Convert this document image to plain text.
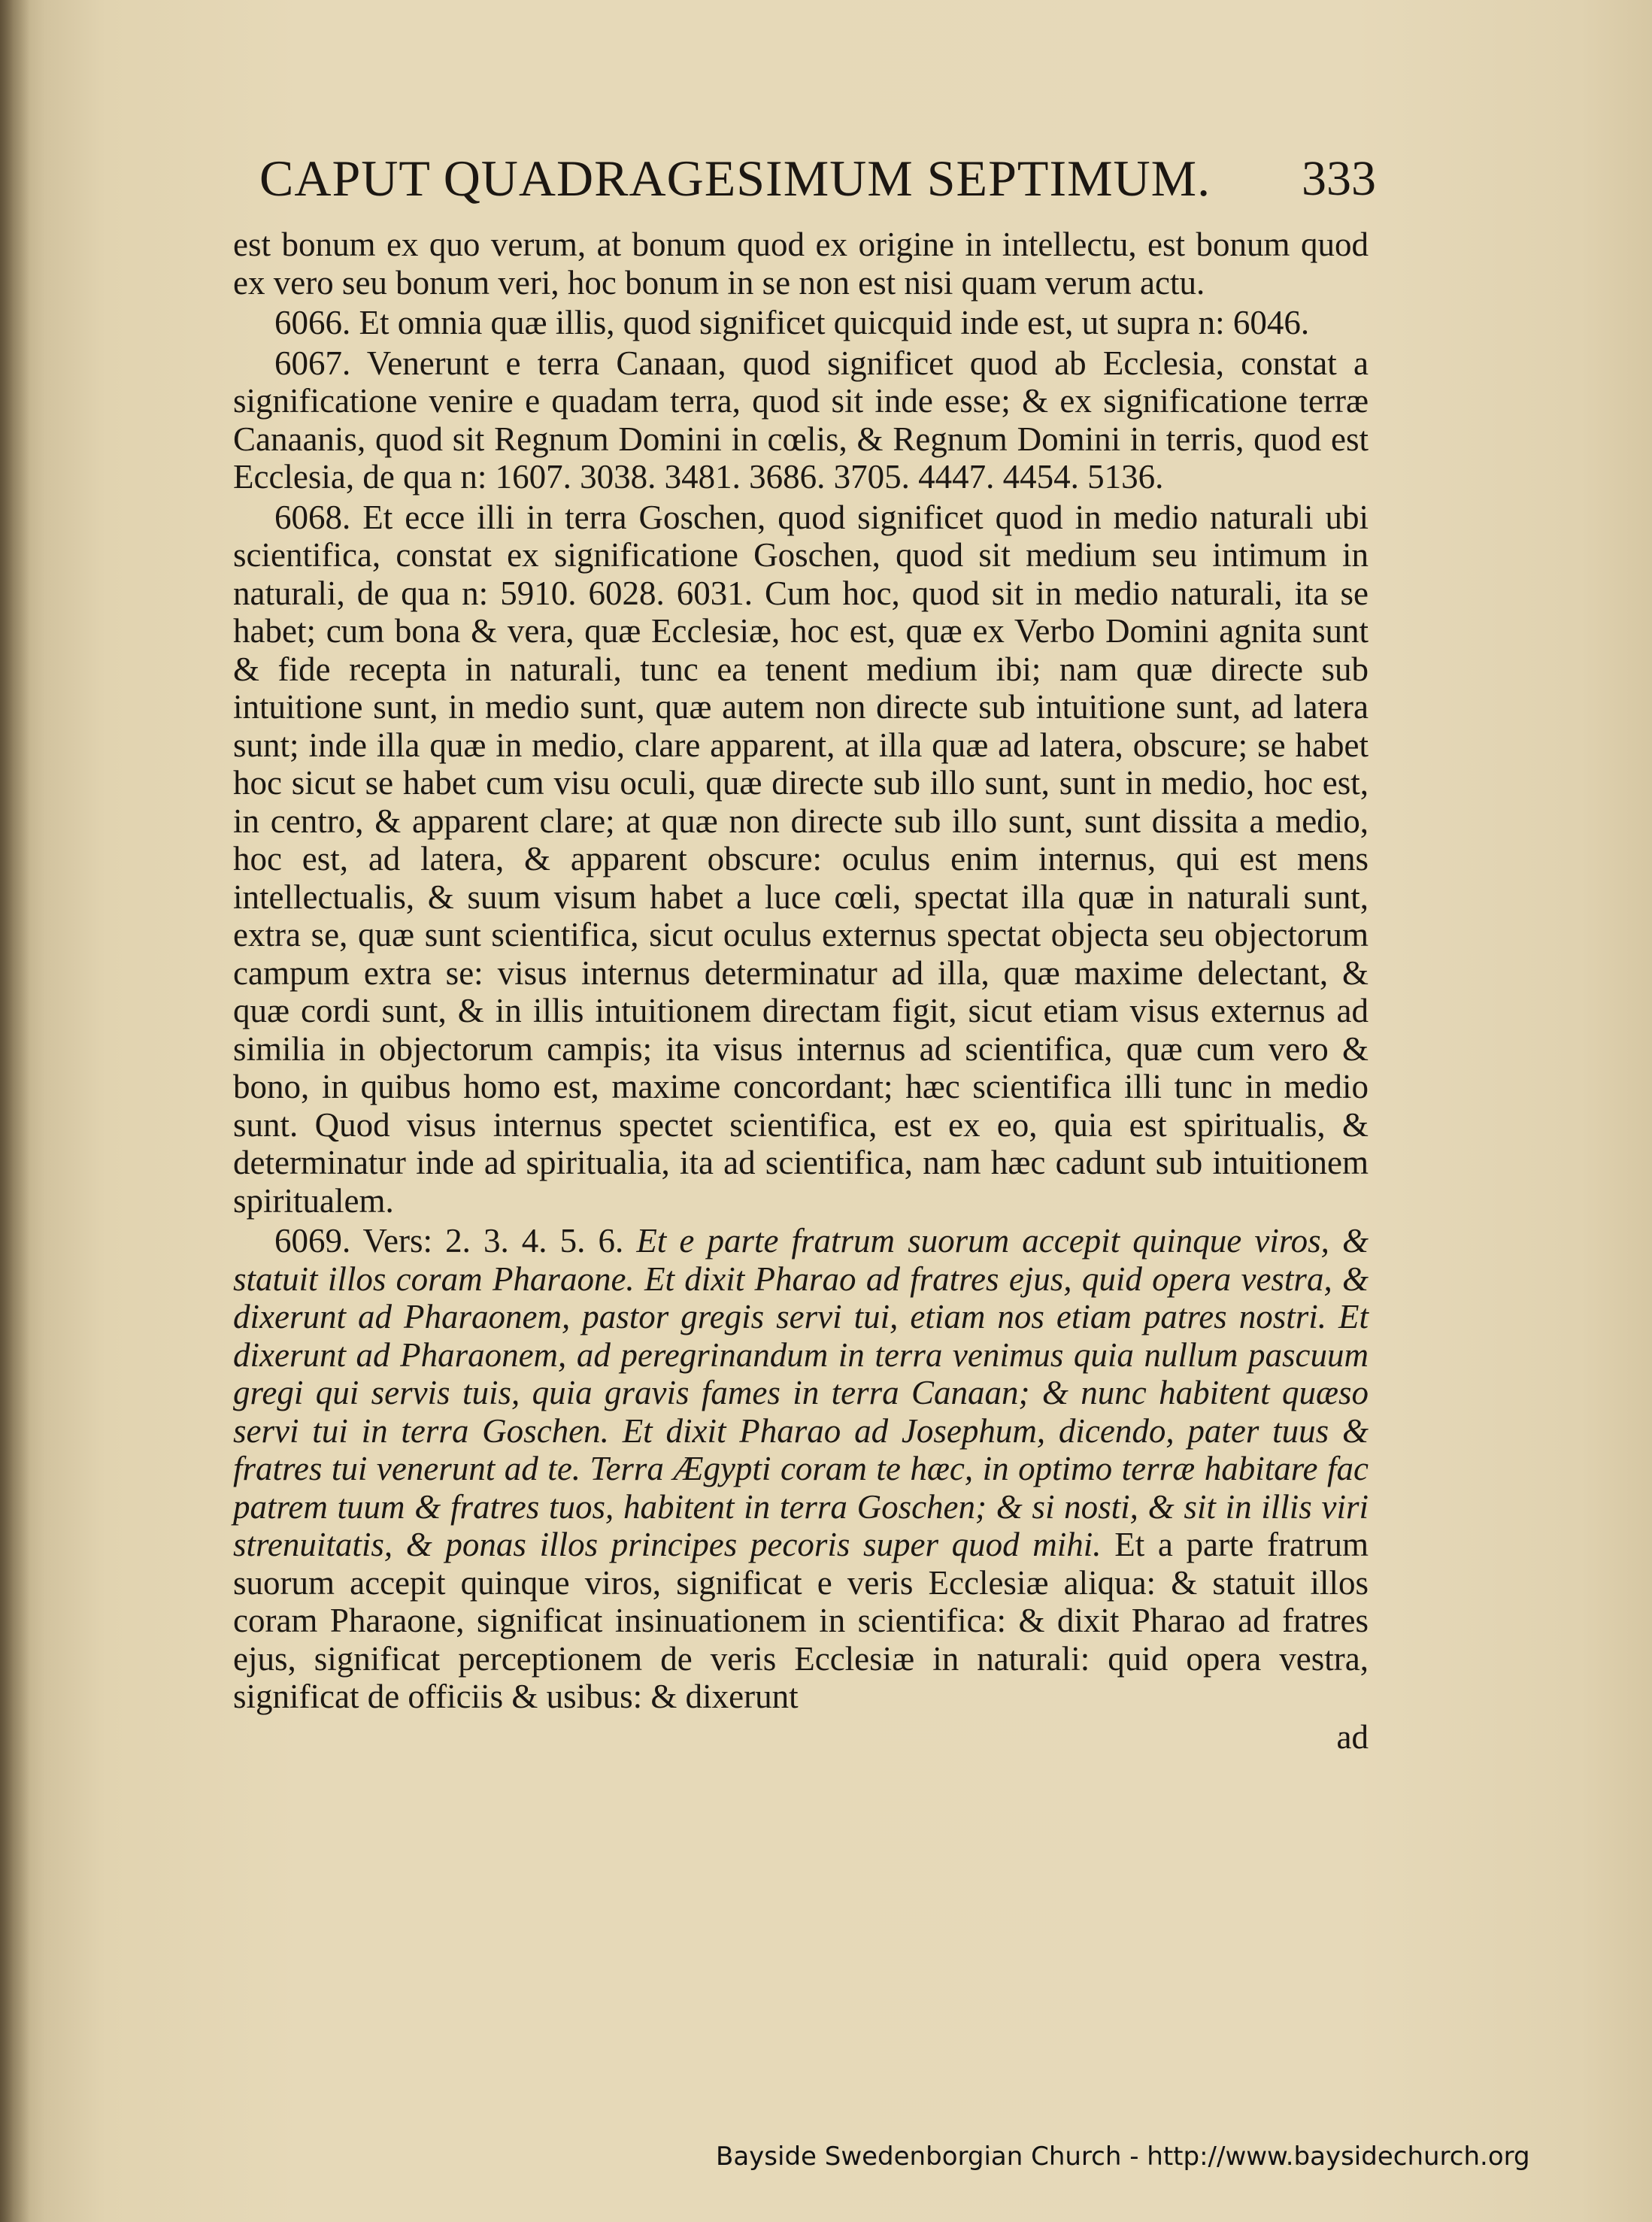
CAPUT QUADRAGESIMUM SEPTIMUM. 333

est bonum ex quo verum, at bonum quod ex origine in intellectu, est bonum quod ex vero seu bonum veri, hoc bonum in se non est nisi quam verum actu.

6066. Et omnia quæ illis, quod significet quicquid inde est, ut supra n: 6046.

6067. Venerunt e terra Canaan, quod significet quod ab Ecclesia, constat a significatione venire e quadam terra, quod sit inde esse; & ex significatione terræ Canaanis, quod sit Regnum Domini in cœlis, & Regnum Domini in terris, quod est Ecclesia, de qua n: 1607. 3038. 3481. 3686. 3705. 4447. 4454. 5136.

6068. Et ecce illi in terra Goschen, quod significet quod in medio naturali ubi scientifica, constat ex significatione Goschen, quod sit medium seu intimum in naturali, de qua n: 5910. 6028. 6031. Cum hoc, quod sit in medio naturali, ita se habet; cum bona & vera, quæ Ecclesiæ, hoc est, quæ ex Verbo Domini agnita sunt & fide recepta in naturali, tunc ea tenent medium ibi; nam quæ directe sub intuitione sunt, in medio sunt, quæ autem non directe sub intuitione sunt, ad latera sunt; inde illa quæ in medio, clare apparent, at illa quæ ad latera, obscure; se habet hoc sicut se habet cum visu oculi, quæ directe sub illo sunt, sunt in medio, hoc est, in centro, & apparent clare; at quæ non directe sub illo sunt, sunt dissita a medio, hoc est, ad latera, & apparent obscure: oculus enim internus, qui est mens intellectualis, & suum visum habet a luce cœli, spectat illa quæ in naturali sunt, extra se, quæ sunt scientifica, sicut oculus externus spectat objecta seu objectorum campum extra se: visus internus determinatur ad illa, quæ maxime delectant, & quæ cordi sunt, & in illis intuitionem directam figit, sicut etiam visus externus ad similia in objectorum campis; ita visus internus ad scientifica, quæ cum vero & bono, in quibus homo est, maxime concordant; hæc scientifica illi tunc in medio sunt. Quod visus internus spectet scientifica, est ex eo, quia est spiritualis, & determinatur inde ad spiritualia, ita ad scientifica, nam hæc cadunt sub intuitionem spiritualem.

6069. Vers: 2. 3. 4. 5. 6. Et e parte fratrum suorum accepit quinque viros, & statuit illos coram Pharaone. Et dixit Pharao ad fratres ejus, quid opera vestra, & dixerunt ad Pharaonem, pastor gregis servi tui, etiam nos etiam patres nostri. Et dixerunt ad Pharaonem, ad peregrinandum in terra venimus quia nullum pascuum gregi qui servis tuis, quia gravis fames in terra Canaan; & nunc habitent quæso servi tui in terra Goschen. Et dixit Pharao ad Josephum, dicendo, pater tuus & fratres tui venerunt ad te. Terra Ægypti coram te hæc, in optimo terræ habitare fac patrem tuum & fratres tuos, habitent in terra Goschen; & si nosti, & sit in illis viri strenuitatis, & ponas illos principes pecoris super quod mihi. Et a parte fratrum suorum accepit quinque viros, significat e veris Ecclesiæ aliqua: & statuit illos coram Pharaone, significat insinuationem in scientifica: & dixit Pharao ad fratres ejus, significat perceptionem de veris Ecclesiæ in naturali: quid opera vestra, significat de officiis & usibus: & dixerunt

ad
Bayside Swedenborgian Church - http://www.baysidechurch.org
